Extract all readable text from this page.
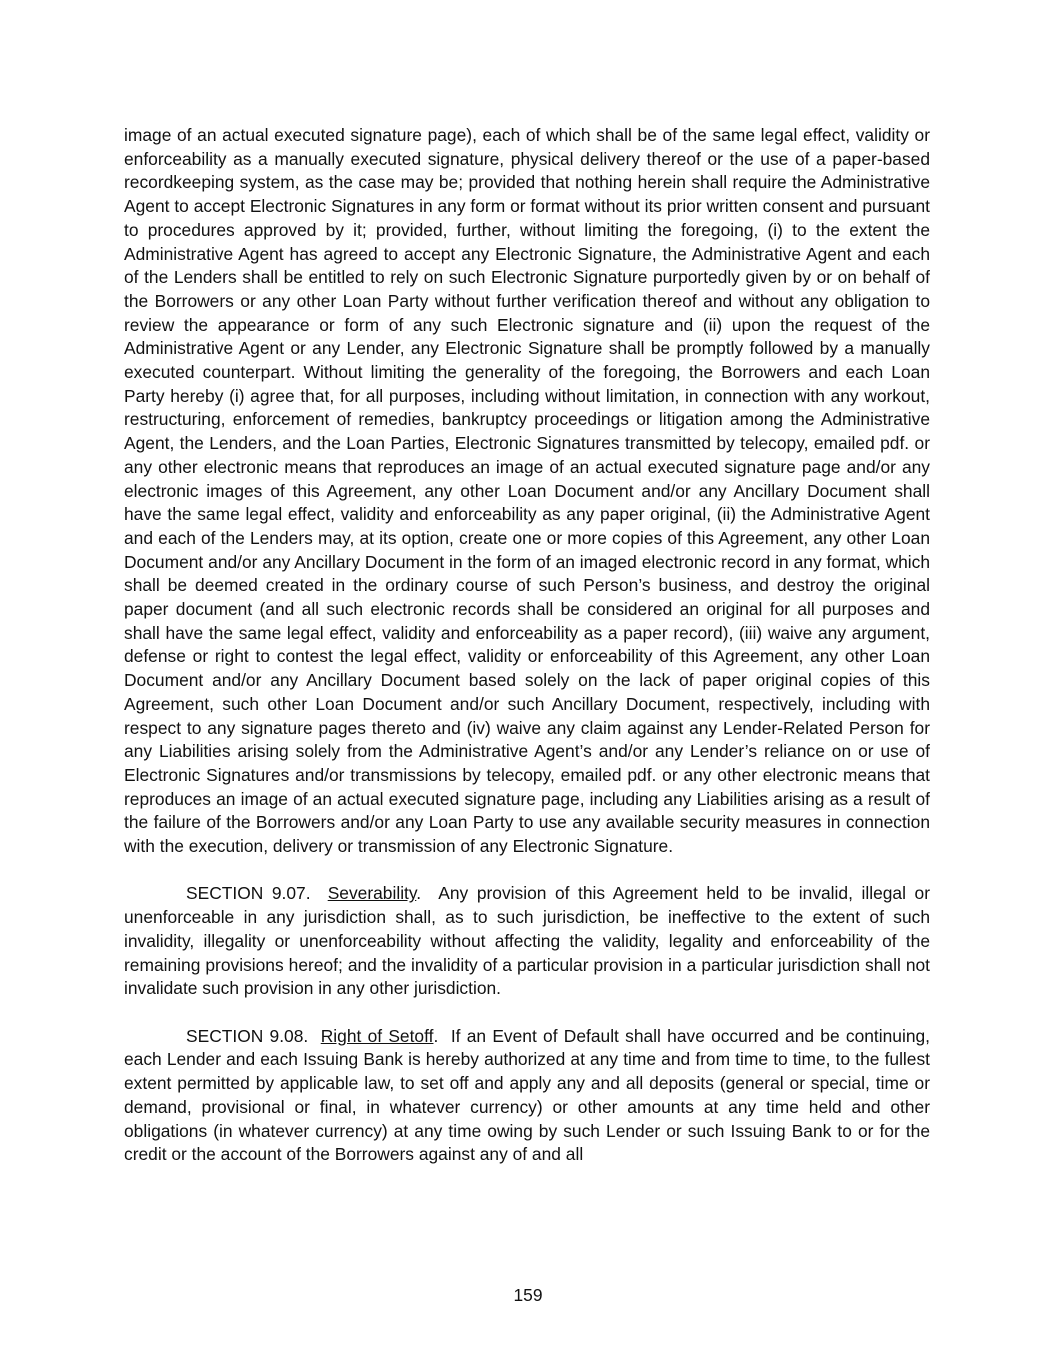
image of an actual executed signature page), each of which shall be of the same legal effect, validity or enforceability as a manually executed signature, physical delivery thereof or the use of a paper-based recordkeeping system, as the case may be; provided that nothing herein shall require the Administrative Agent to accept Electronic Signatures in any form or format without its prior written consent and pursuant to procedures approved by it; provided, further, without limiting the foregoing, (i) to the extent the Administrative Agent has agreed to accept any Electronic Signature, the Administrative Agent and each of the Lenders shall be entitled to rely on such Electronic Signature purportedly given by or on behalf of the Borrowers or any other Loan Party without further verification thereof and without any obligation to review the appearance or form of any such Electronic signature and (ii) upon the request of the Administrative Agent or any Lender, any Electronic Signature shall be promptly followed by a manually executed counterpart. Without limiting the generality of the foregoing, the Borrowers and each Loan Party hereby (i) agree that, for all purposes, including without limitation, in connection with any workout, restructuring, enforcement of remedies, bankruptcy proceedings or litigation among the Administrative Agent, the Lenders, and the Loan Parties, Electronic Signatures transmitted by telecopy, emailed pdf. or any other electronic means that reproduces an image of an actual executed signature page and/or any electronic images of this Agreement, any other Loan Document and/or any Ancillary Document shall have the same legal effect, validity and enforceability as any paper original, (ii) the Administrative Agent and each of the Lenders may, at its option, create one or more copies of this Agreement, any other Loan Document and/or any Ancillary Document in the form of an imaged electronic record in any format, which shall be deemed created in the ordinary course of such Person’s business, and destroy the original paper document (and all such electronic records shall be considered an original for all purposes and shall have the same legal effect, validity and enforceability as a paper record), (iii) waive any argument, defense or right to contest the legal effect, validity or enforceability of this Agreement, any other Loan Document and/or any Ancillary Document based solely on the lack of paper original copies of this Agreement, such other Loan Document and/or such Ancillary Document, respectively, including with respect to any signature pages thereto and (iv) waive any claim against any Lender-Related Person for any Liabilities arising solely from the Administrative Agent’s and/or any Lender’s reliance on or use of Electronic Signatures and/or transmissions by telecopy, emailed pdf. or any other electronic means that reproduces an image of an actual executed signature page, including any Liabilities arising as a result of the failure of the Borrowers and/or any Loan Party to use any available security measures in connection with the execution, delivery or transmission of any Electronic Signature.

SECTION 9.07. Severability. Any provision of this Agreement held to be invalid, illegal or unenforceable in any jurisdiction shall, as to such jurisdiction, be ineffective to the extent of such invalidity, illegality or unenforceability without affecting the validity, legality and enforceability of the remaining provisions hereof; and the invalidity of a particular provision in a particular jurisdiction shall not invalidate such provision in any other jurisdiction.

SECTION 9.08. Right of Setoff. If an Event of Default shall have occurred and be continuing, each Lender and each Issuing Bank is hereby authorized at any time and from time to time, to the fullest extent permitted by applicable law, to set off and apply any and all deposits (general or special, time or demand, provisional or final, in whatever currency) or other amounts at any time held and other obligations (in whatever currency) at any time owing by such Lender or such Issuing Bank to or for the credit or the account of the Borrowers against any of and all

159
